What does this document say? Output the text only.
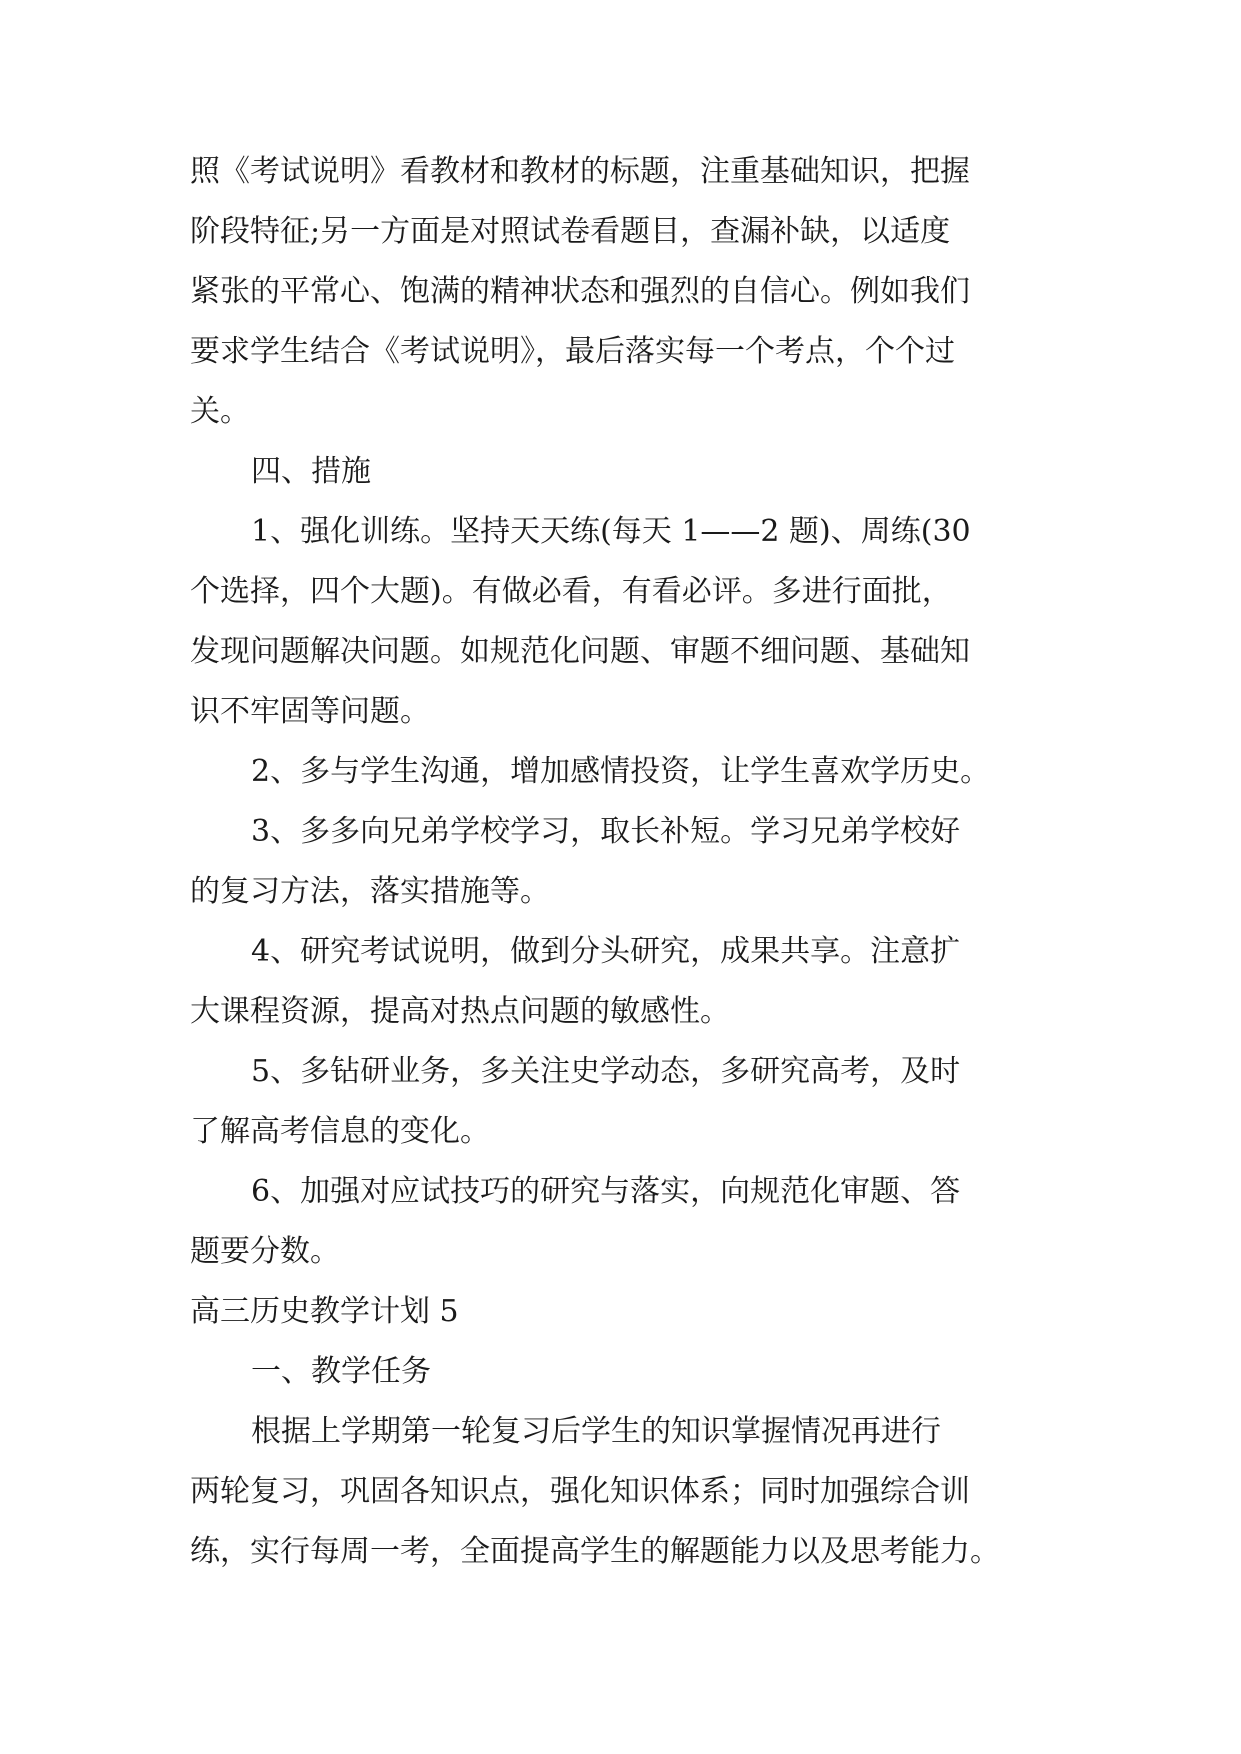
照《考试说明》看教材和教材的标题，注重基础知识，把握
阶段特征;另一方面是对照试卷看题目，查漏补缺，以适度
紧张的平常心、饱满的精神状态和强烈的自信心。例如我们
要求学生结合《考试说明》，最后落实每一个考点，个个过
关。
四、措施
1、强化训练。坚持天天练(每天 1——2 题)、周练(30
个选择，四个大题)。有做必看，有看必评。多进行面批，
发现问题解决问题。如规范化问题、审题不细问题、基础知
识不牢固等问题。
2、多与学生沟通，增加感情投资，让学生喜欢学历史。
3、多多向兄弟学校学习，取长补短。学习兄弟学校好
的复习方法，落实措施等。
4、研究考试说明，做到分头研究，成果共享。注意扩
大课程资源，提高对热点问题的敏感性。
5、多钻研业务，多关注史学动态，多研究高考，及时
了解高考信息的变化。
6、加强对应试技巧的研究与落实，向规范化审题、答
题要分数。
高三历史教学计划 5
一、教学任务
根据上学期第一轮复习后学生的知识掌握情况再进行
两轮复习，巩固各知识点，强化知识体系；同时加强综合训
练，实行每周一考，全面提高学生的解题能力以及思考能力。
